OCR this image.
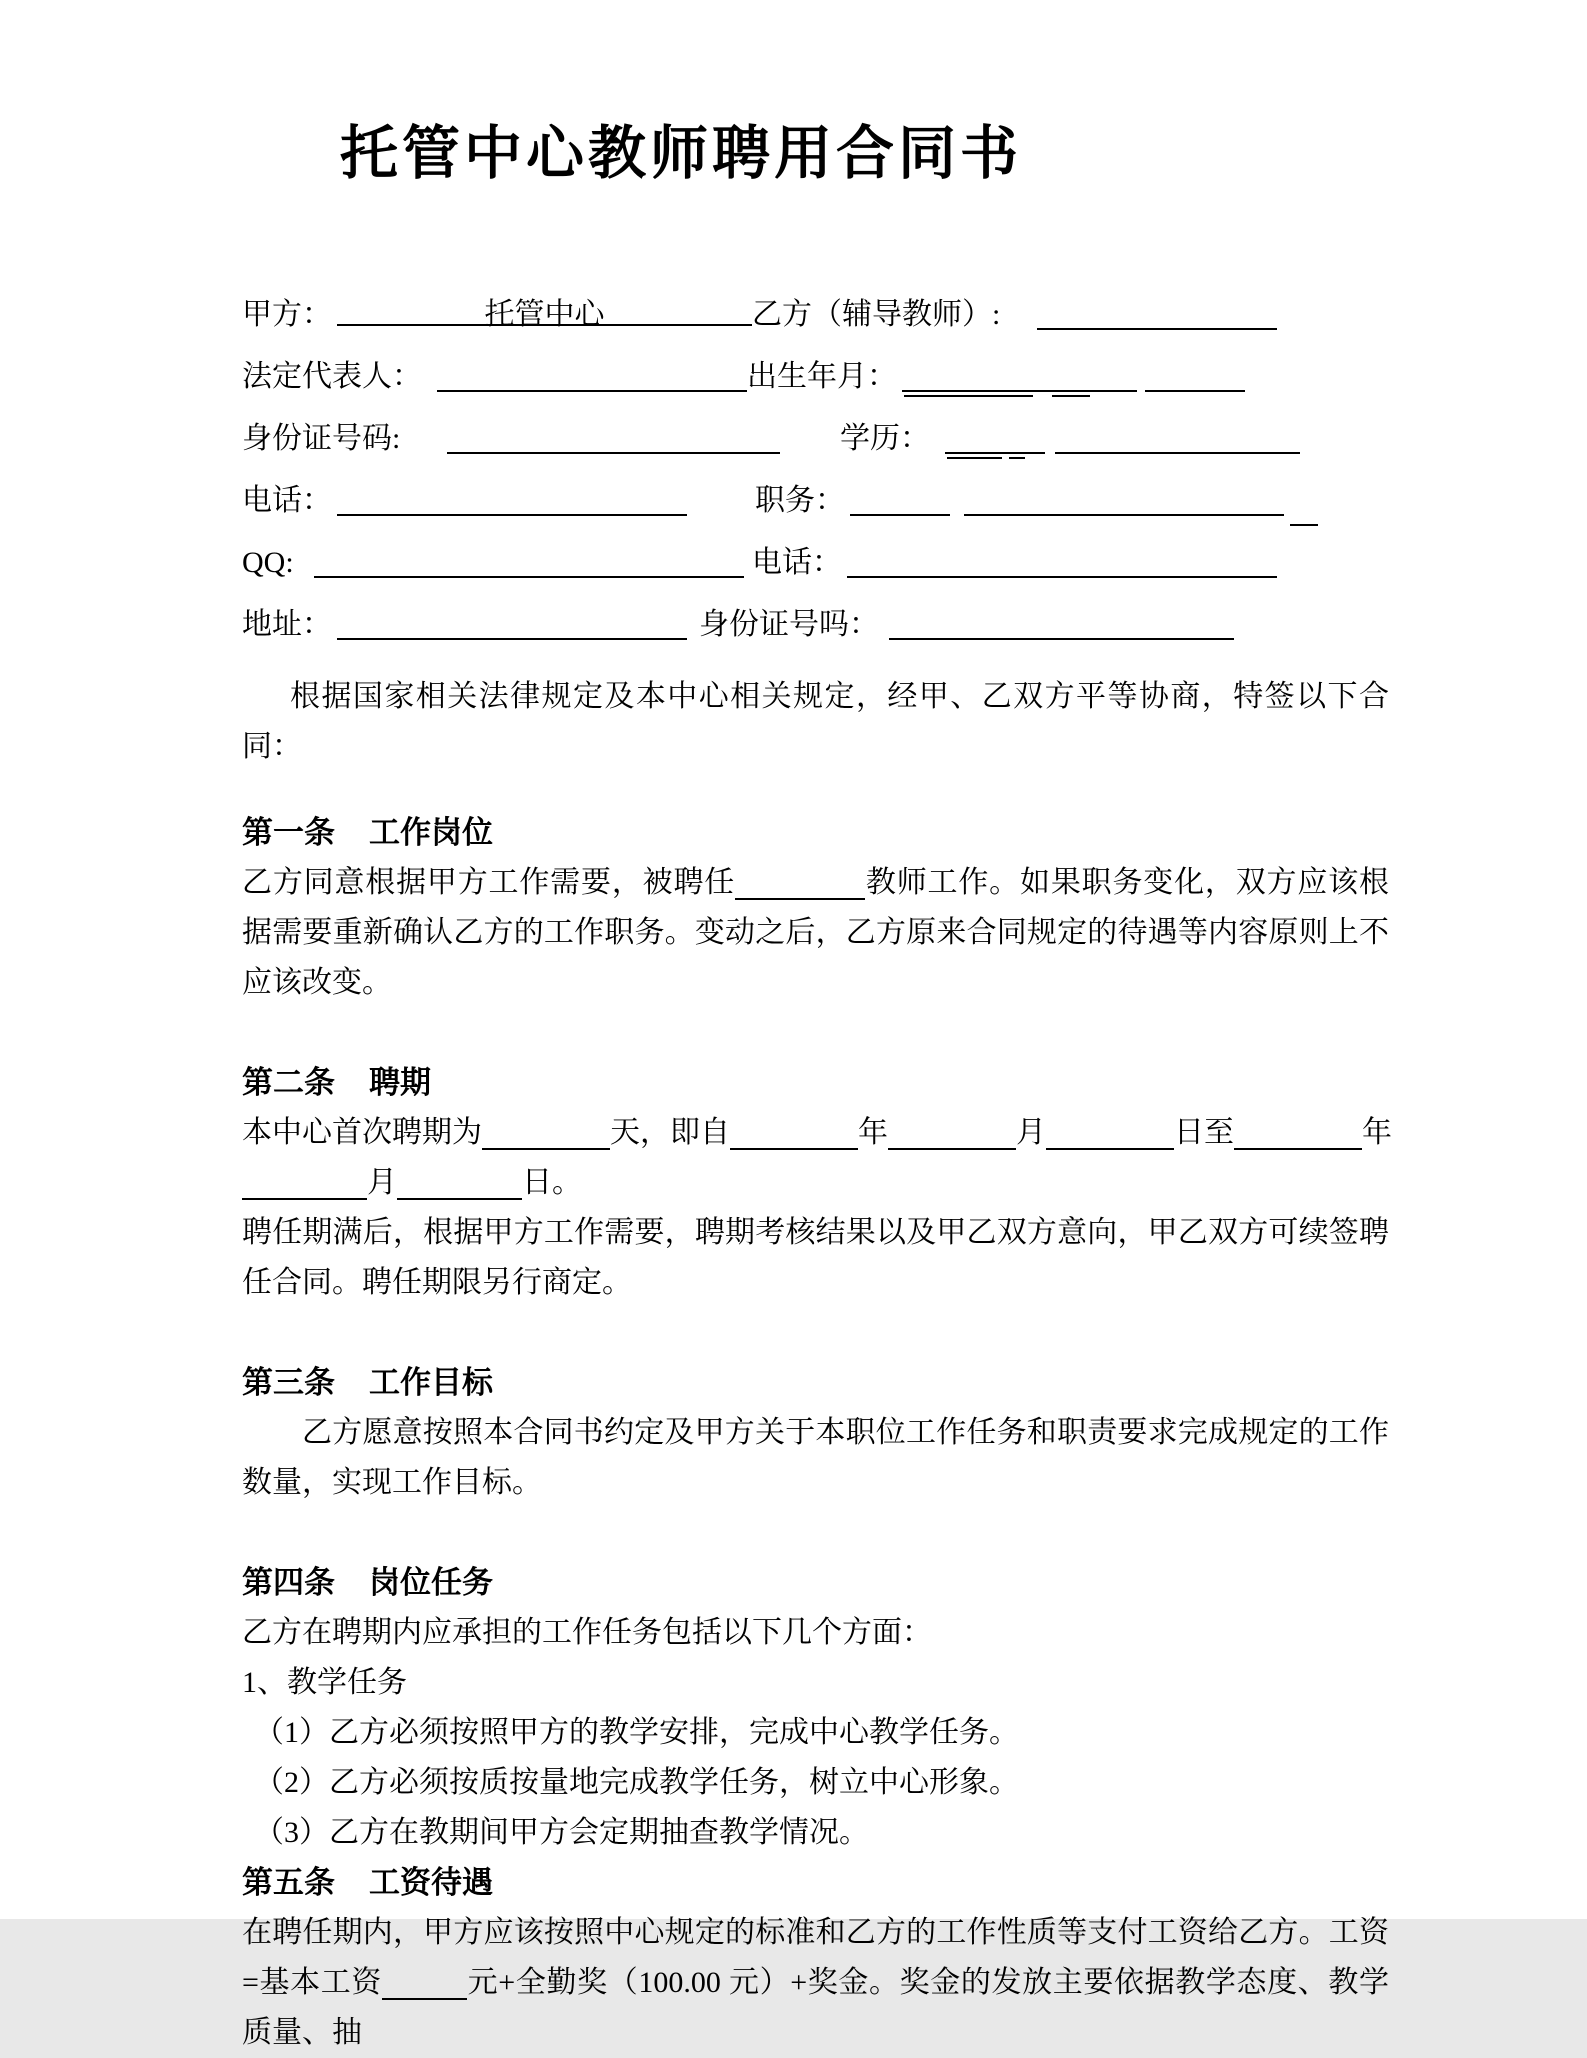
托管中心教师聘用合同书
甲方：	托管中心	乙方（辅导教师）:
法定代表人：	出生年月：
身份证号码:	学历：
电话：	职务：
QQ:	电话：
地址：	身份证号吗：

根据国家相关法律规定及本中心相关规定，经甲、乙双方平等协商，特签以下合同：

第一条 工作岗位

乙方同意根据甲方工作需要，被聘任	教师工作。如果职务变化，双方应该根据需要重新确认乙方的工作职务。变动之后，乙方原来合同规定的待遇等内容原则上不应该改变。

第二条 聘期

本中心首次聘期为	天，即自	年	月	日至	年

月	日。

聘任期满后，根据甲方工作需要，聘期考核结果以及甲乙双方意向，甲乙双方可续签聘任合同。聘任期限另行商定。

第三条 工作目标

乙方愿意按照本合同书约定及甲方关于本职位工作任务和职责要求完成规定的工作数量，实现工作目标。

第四条 岗位任务

乙方在聘期内应承担的工作任务包括以下几个方面：

1、教学任务

（1）乙方必须按照甲方的教学安排，完成中心教学任务。

（2）乙方必须按质按量地完成教学任务，树立中心形象。

（3）乙方在教期间甲方会定期抽查教学情况。

第五条 工资待遇

在聘任期内，甲方应该按照中心规定的标准和乙方的工作性质等支付工资给乙方。工资=基本工资	元+全勤奖（100.00 元）+奖金。奖金的发放主要依据教学态度、教学质量、抽
